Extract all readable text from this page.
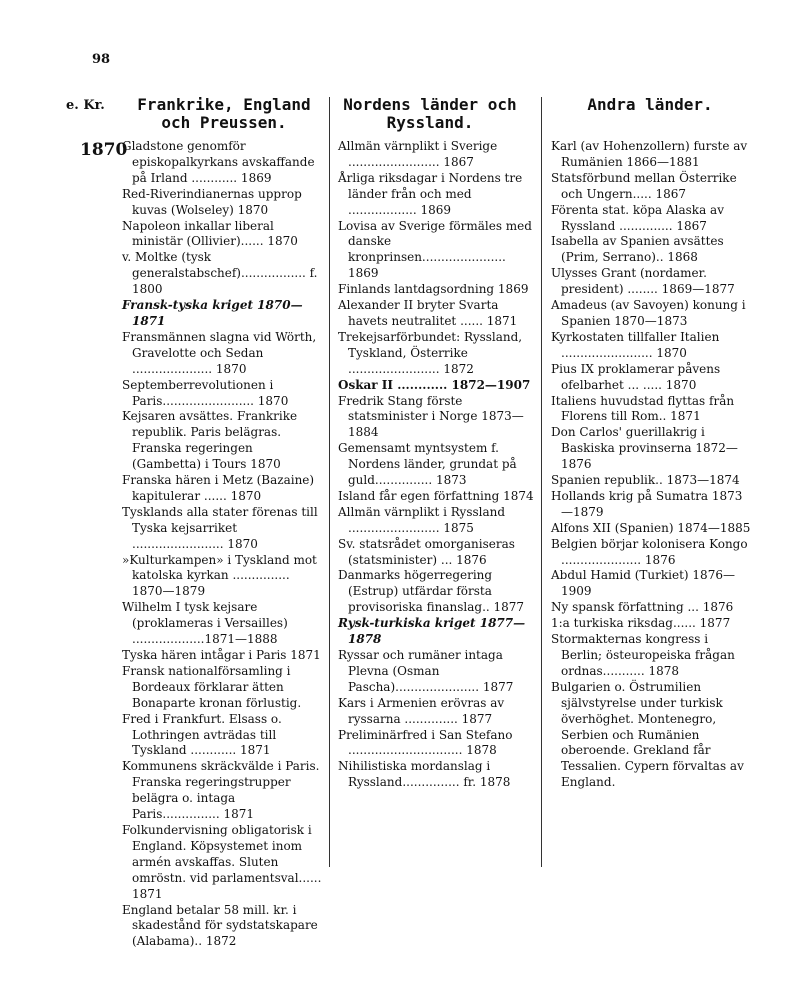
98
e. Kr.
1870
Frankrike, England och Preussen.
Nordens länder och Ryssland.
Andra länder.

Gladstone genomför episkopalkyrkans avskaffande på Irland ............ 1869

Red-Riverindianernas upprор kuvas (Wolseley) 1870

Napoleon inkallar liberal ministär (Ollivier)...... 1870

v. Moltke (tysk generalstabschef)................. f. 1800

Fransk-tyska kriget 1870—1871

Fransmännen slagna vid Wörth, Gravelotte och Sedan ..................... 1870

Septemberrevolutionen i Paris........................ 1870

Kejsaren avsättes. Frankrike republik. Paris belägras. Franska regeringen (Gambetta) i Tours 1870

Franska hären i Metz (Bazaine) kapitulerar ...... 1870

Tysklands alla stater förenas till Tyska kejsarriket ........................ 1870

»Kulturkampen» i Tyskland mot katolska kyrkan ............... 1870—1879

Wilhelm I tysk kejsare (proklameras i Versailles) ...................1871—1888

Tyska hären intågar i Paris 1871

Fransk nationalförsamling i Bordeaux förklarar ätten Bonaparte kronan förlustig.

Fred i Frankfurt. Elsass o. Lothringen avträdas till Tyskland ............ 1871

Kommunens skräckvälde i Paris. Franska regeringstrupper belägra o. intaga Paris............... 1871

Folkundervisning obligatorisk i England. Köpsystemet inom armén avskaffas. Sluten omröstn. vid parlamentsval...... 1871

England betalar 58 mill. kr. i skadestånd för sydstatskapare (Alabama).. 1872

Allmän värnplikt i Sverige ........................ 1867

Årliga riksdagar i Nordens tre länder från och med .................. 1869

Lovisa av Sverige förmäles med danske kronprinsen...................... 1869

Finlands lantdagsordning 1869

Alexander II bryter Svarta havets neutralitet ...... 1871

Trekejsarförbundet: Ryssland, Tyskland, Österrike ........................ 1872

Oskar II ............ 1872—1907

Fredrik Stang förste statsminister i Norge 1873—1884

Gemensamt myntsystem f. Nordens länder, grundat på guld............... 1873

Island får egen författning 1874

Allmän värnplikt i Ryssland ........................ 1875

Sv. statsrådet omorganiseras (statsminister) ... 1876

Danmarks högerregering (Estrup) utfärdar första provisoriska finanslag.. 1877

Rysk-turkiska kriget 1877—1878

Ryssar och rumäner intaga Plevna (Osman Pascha)...................... 1877

Kars i Armenien erövras av ryssarna .............. 1877

Preliminärfred i San Stefano .............................. 1878

Nihilistiska mordanslag i Ryssland............... fr. 1878

Karl (av Hohenzollern) furste av Rumänien 1866—1881

Statsförbund mellan Österrike och Ungern..... 1867

Förenta stat. köpa Alaska av Ryssland .............. 1867

Isabella av Spanien avsättes (Prim, Serrano).. 1868

Ulysses Grant (nordamer. president) ........ 1869—1877

Amadeus (av Savoyen) konung i Spanien 1870—1873

Kyrkostaten tillfaller Italien ........................ 1870

Pius IX proklamerar påvens ofelbarhet ... ..... 1870

Italiens huvudstad flyttas från Florens till Rom.. 1871

Don Carlos' guerillakrig i Baskiska provinserna 1872—1876

Spanien republik.. 1873—1874

Hollands krig på Sumatra 1873—1879

Alfons XII (Spanien) 1874—1885

Belgien börjar kolonisera Kongo ..................... 1876

Abdul Hamid (Turkiet) 1876—1909

Ny spansk författning ... 1876

1:a turkiska riksdag...... 1877

Stormakternas kongress i Berlin; östeuropeiska frågan ordnas........... 1878

Bulgarien o. Östrumilien självstyrelse under turkisk överhöghet. Montenegro, Serbien och Rumänien oberoende. Grekland får Tessalien. Cypern förvaltas av England.
